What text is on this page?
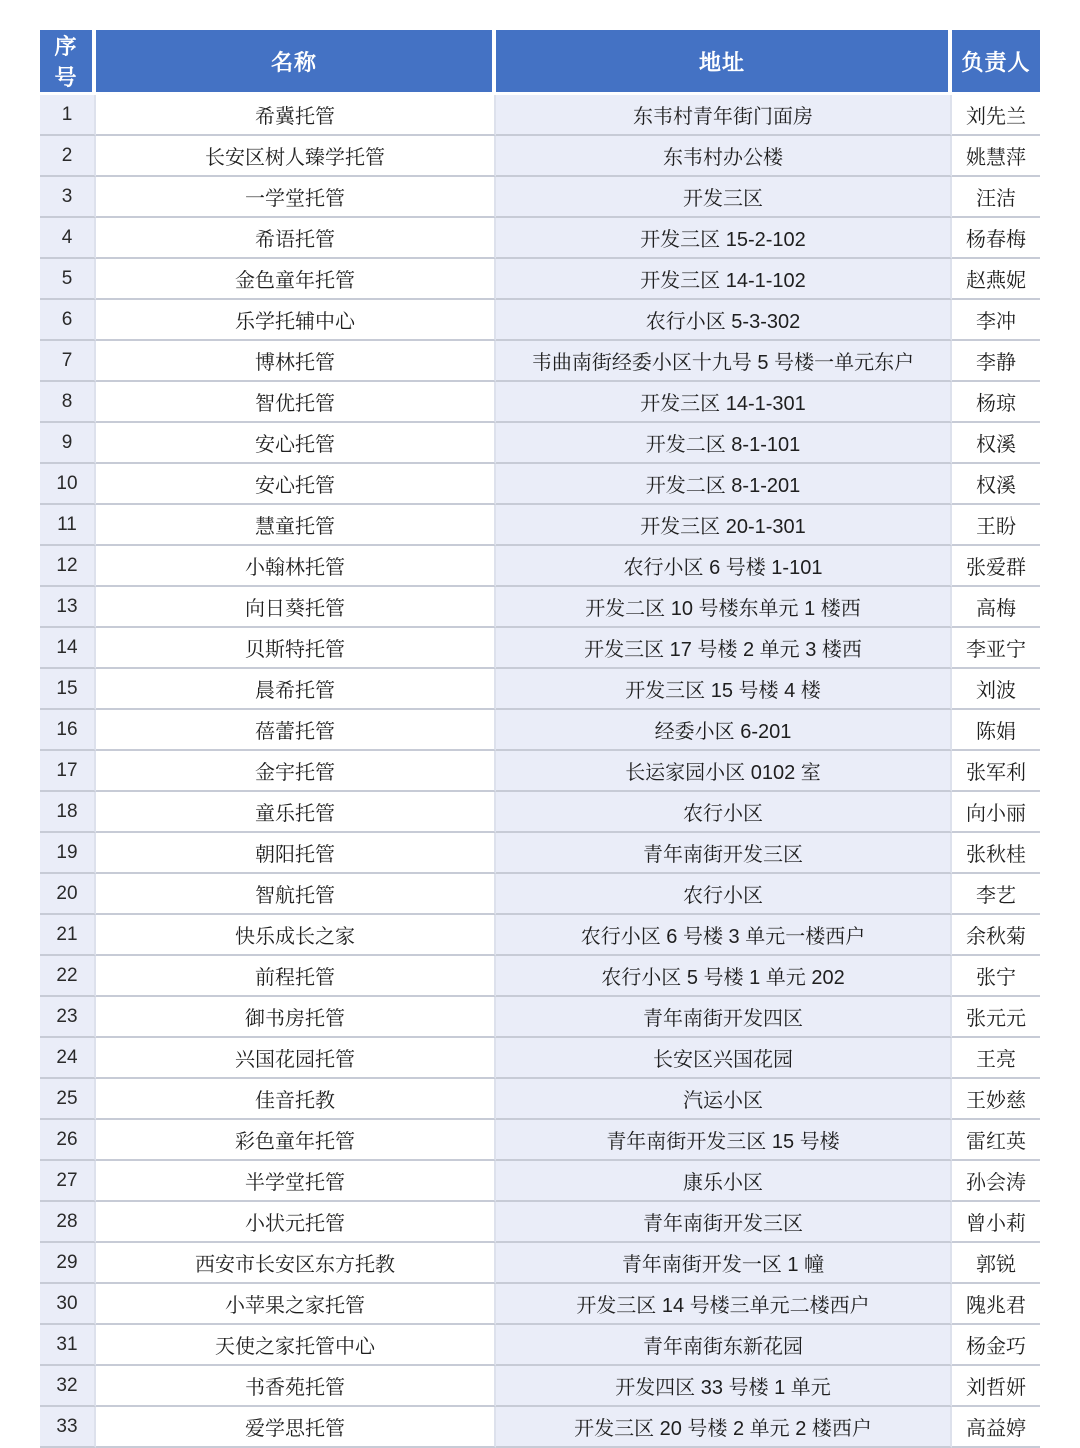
序号	名称	地址	负责人
1	希冀托管	东韦村青年街门面房	刘先兰
2	长安区树人臻学托管	东韦村办公楼	姚慧萍
3	一学堂托管	开发三区	汪洁
4	希语托管	开发三区 15-2-102	杨春梅
5	金色童年托管	开发三区 14-1-102	赵燕妮
6	乐学托辅中心	农行小区 5-3-302	李冲
7	博林托管	韦曲南街经委小区十九号 5 号楼一单元东户	李静
8	智优托管	开发三区 14-1-301	杨琼
9	安心托管	开发二区 8-1-101	权溪
10	安心托管	开发二区 8-1-201	权溪
11	慧童托管	开发三区 20-1-301	王盼
12	小翰林托管	农行小区 6 号楼 1-101	张爱群
13	向日葵托管	开发二区 10 号楼东单元 1 楼西	高梅
14	贝斯特托管	开发三区 17 号楼 2 单元 3 楼西	李亚宁
15	晨希托管	开发三区 15 号楼 4 楼	刘波
16	蓓蕾托管	经委小区 6-201	陈娟
17	金宇托管	长运家园小区 0102 室	张军利
18	童乐托管	农行小区	向小丽
19	朝阳托管	青年南街开发三区	张秋桂
20	智航托管	农行小区	李艺
21	快乐成长之家	农行小区 6 号楼 3 单元一楼西户	余秋菊
22	前程托管	农行小区 5 号楼 1 单元 202	张宁
23	御书房托管	青年南街开发四区	张元元
24	兴国花园托管	长安区兴国花园	王亮
25	佳音托教	汽运小区	王妙慈
26	彩色童年托管	青年南街开发三区 15 号楼	雷红英
27	半学堂托管	康乐小区	孙会涛
28	小状元托管	青年南街开发三区	曾小莉
29	西安市长安区东方托教	青年南街开发一区 1 幢	郭锐
30	小苹果之家托管	开发三区 14 号楼三单元二楼西户	隗兆君
31	天使之家托管中心	青年南街东新花园	杨金巧
32	书香苑托管	开发四区 33 号楼 1 单元	刘哲妍
33	爱学思托管	开发三区 20 号楼 2 单元 2 楼西户	高益婷
